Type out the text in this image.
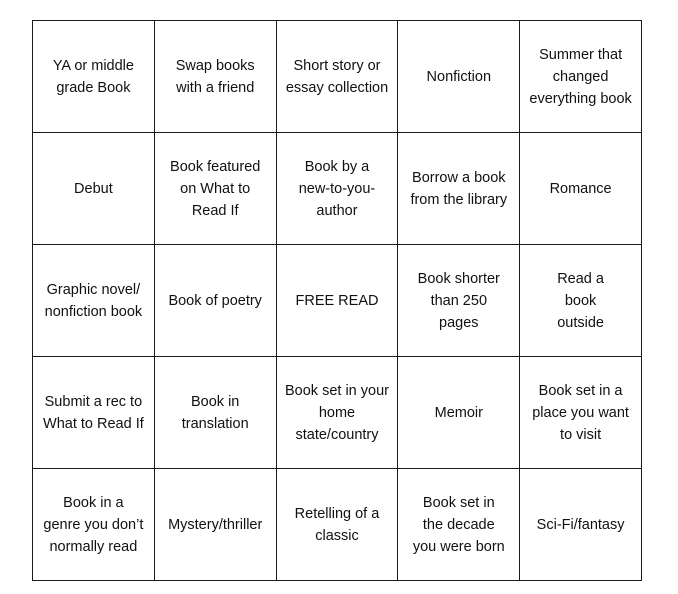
YA or middle grade Book
Swap books with a friend
Short story or essay collection
Nonfiction
Summer that changed everything book
Debut
Book featured on What to Read If
Book by a new-to-you-author
Borrow a book from the library
Romance
Graphic novel/ nonfiction book
Book of poetry FREE READ
Book shorter than 250 pages
Read a book outside
Submit a rec to What to Read If
Book in translation
Book set in your home state/country
Memoir
Book set in a place you want to visit
Book in a genre you don’t normally read
Mystery/thriller
Retelling of a classic
Book set in the decade you were born
Sci-Fi/fantasy
